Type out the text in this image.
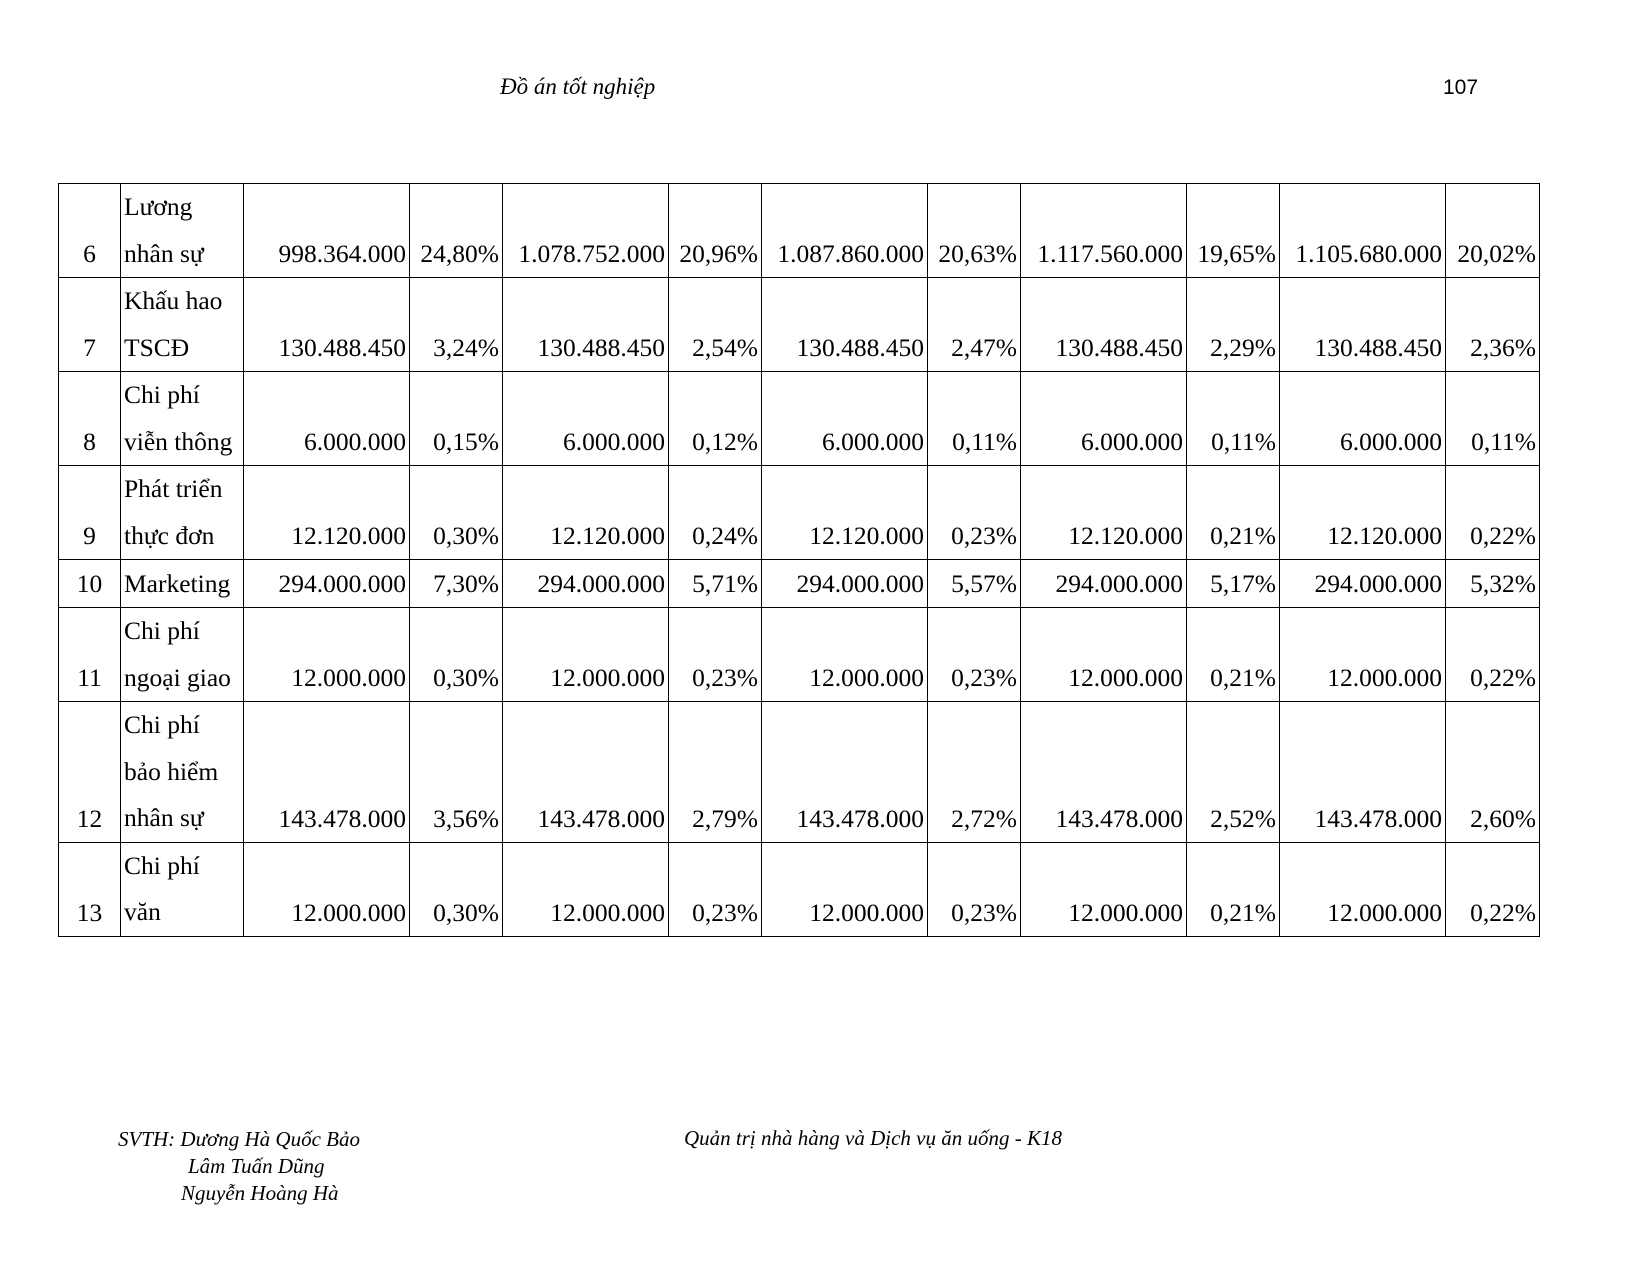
Đồ án tốt nghiệp	107
6	Lương nhân sự	998.364.000	24,80%	1.078.752.000	20,96%	1.087.860.000	20,63%	1.117.560.000	19,65%	1.105.680.000	20,02%
7	Khấu hao TSCĐ	130.488.450	3,24%	130.488.450	2,54%	130.488.450	2,47%	130.488.450	2,29%	130.488.450	2,36%
8	Chi phí viễn thông	6.000.000	0,15%	6.000.000	0,12%	6.000.000	0,11%	6.000.000	0,11%	6.000.000	0,11%
9	Phát triển thực đơn	12.120.000	0,30%	12.120.000	0,24%	12.120.000	0,23%	12.120.000	0,21%	12.120.000	0,22%
10	Marketing	294.000.000	7,30%	294.000.000	5,71%	294.000.000	5,57%	294.000.000	5,17%	294.000.000	5,32%
11	Chi phí ngoại giao	12.000.000	0,30%	12.000.000	0,23%	12.000.000	0,23%	12.000.000	0,21%	12.000.000	0,22%
12	Chi phí bảo hiểm nhân sự	143.478.000	3,56%	143.478.000	2,79%	143.478.000	2,72%	143.478.000	2,52%	143.478.000	2,60%
13	Chi phí văn	12.000.000	0,30%	12.000.000	0,23%	12.000.000	0,23%	12.000.000	0,21%	12.000.000	0,22%
SVTH: Dương Hà Quốc Bảo
Lâm Tuấn Dũng
Nguyễn Hoàng Hà
Quản trị nhà hàng và Dịch vụ ăn uống - K18
